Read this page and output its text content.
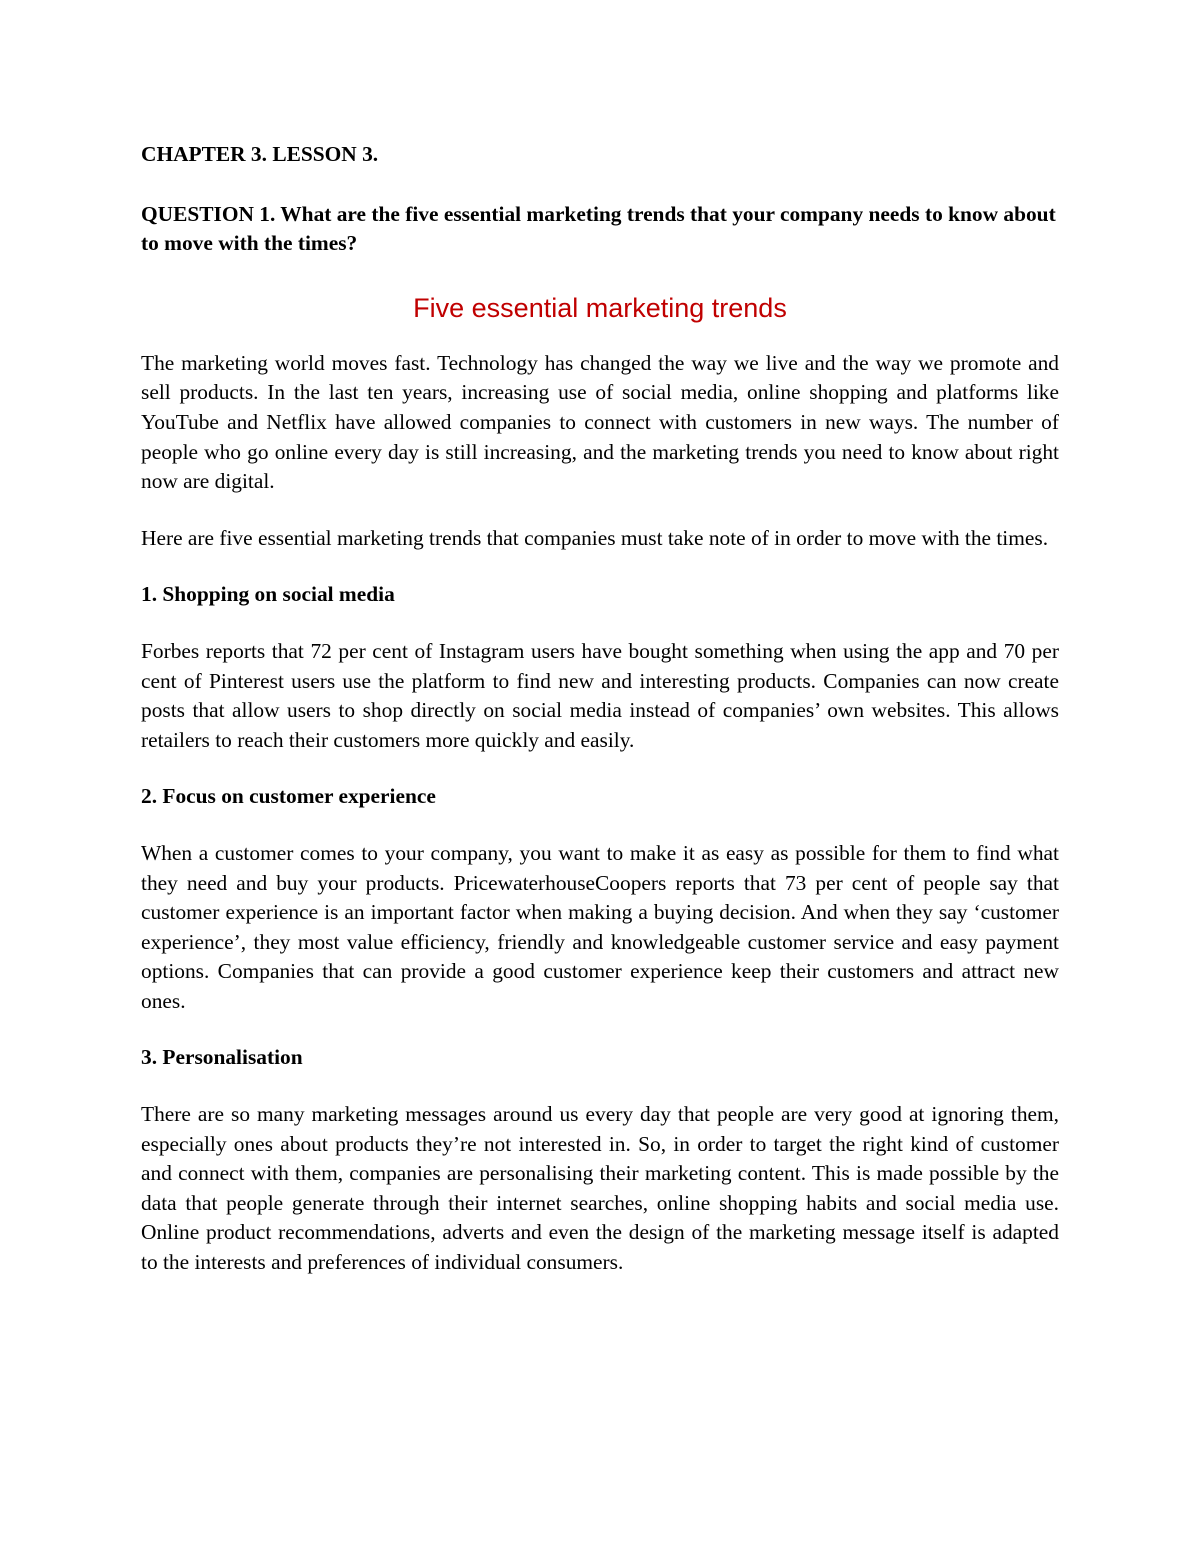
CHAPTER 3. LESSON 3.

QUESTION 1. What are the five essential marketing trends that your company needs to know about to move with the times?

Five essential marketing trends

The marketing world moves fast. Technology has changed the way we live and the way we promote and sell products. In the last ten years, increasing use of social media, online shopping and platforms like YouTube and Netflix have allowed companies to connect with customers in new ways. The number of people who go online every day is still increasing, and the marketing trends you need to know about right now are digital.

Here are five essential marketing trends that companies must take note of in order to move with the times.

1. Shopping on social media

Forbes reports that 72 per cent of Instagram users have bought something when using the app and 70 per cent of Pinterest users use the platform to find new and interesting products. Companies can now create posts that allow users to shop directly on social media instead of companies’ own websites. This allows retailers to reach their customers more quickly and easily.

2. Focus on customer experience

When a customer comes to your company, you want to make it as easy as possible for them to find what they need and buy your products. PricewaterhouseCoopers reports that 73 per cent of people say that customer experience is an important factor when making a buying decision. And when they say ‘customer experience’, they most value efficiency, friendly and knowledgeable customer service and easy payment options. Companies that can provide a good customer experience keep their customers and attract new ones.

3. Personalisation

There are so many marketing messages around us every day that people are very good at ignoring them, especially ones about products they’re not interested in. So, in order to target the right kind of customer and connect with them, companies are personalising their marketing content. This is made possible by the data that people generate through their internet searches, online shopping habits and social media use. Online product recommendations, adverts and even the design of the marketing message itself is adapted to the interests and preferences of individual consumers.
